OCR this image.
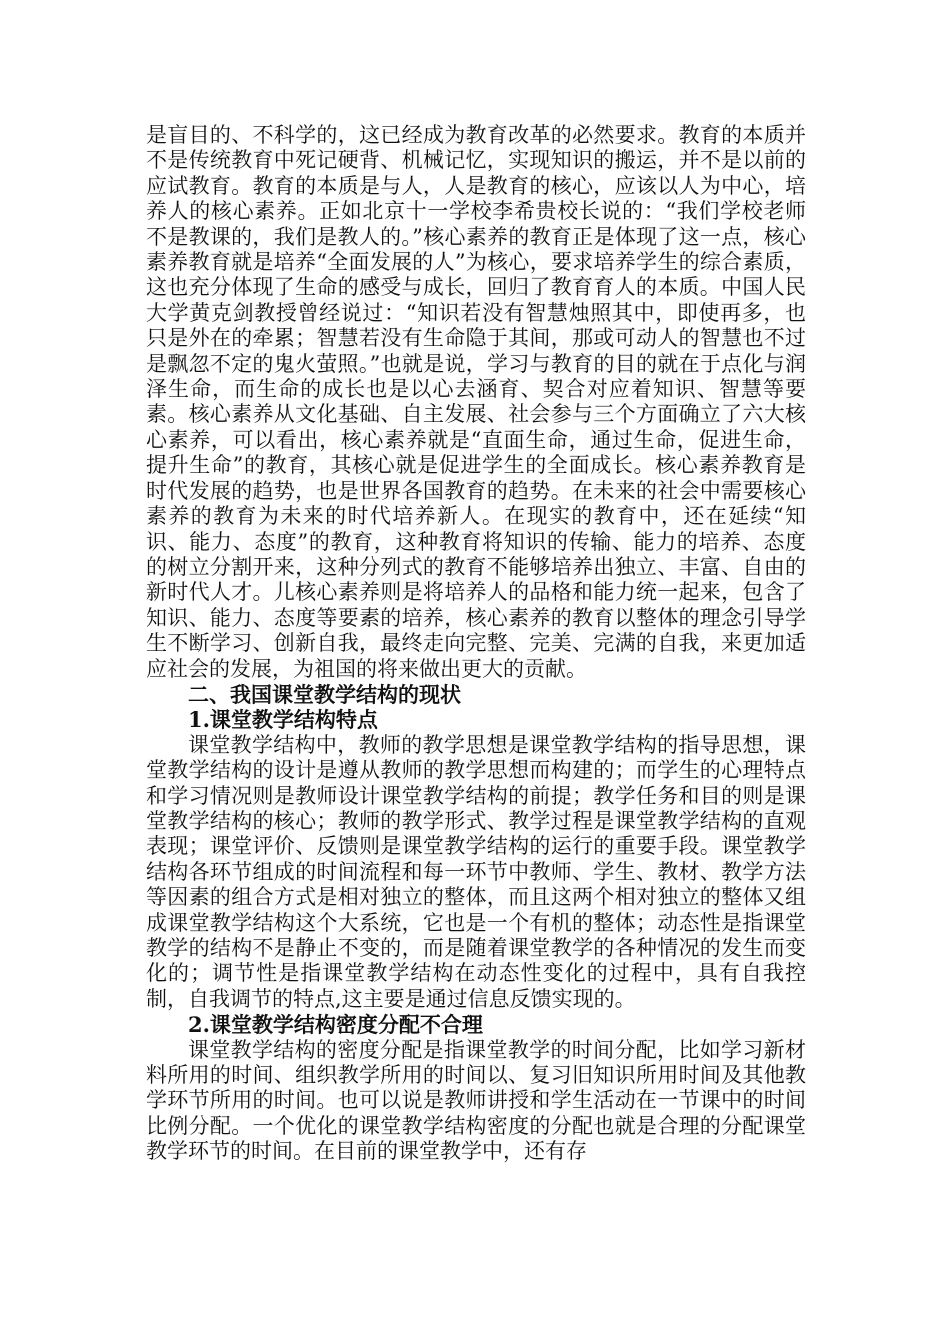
是盲目的、不科学的，这已经成为教育改革的必然要求。教育的本质并不是传统教育中死记硬背、机械记忆，实现知识的搬运，并不是以前的应试教育。教育的本质是与人，人是教育的核心，应该以人为中心，培养人的核心素养。正如北京十一学校李希贵校长说的：“我们学校老师不是教课的，我们是教人的。”核心素养的教育正是体现了这一点，核心素养教育就是培养“全面发展的人”为核心，要求培养学生的综合素质，这也充分体现了生命的感受与成长，回归了教育育人的本质。中国人民大学黄克剑教授曾经说过：“知识若没有智慧烛照其中，即使再多，也只是外在的牵累；智慧若没有生命隐于其间，那或可动人的智慧也不过是飘忽不定的鬼火萤照。”也就是说，学习与教育的目的就在于点化与润泽生命，而生命的成长也是以心去涵育、契合对应着知识、智慧等要素。核心素养从文化基础、自主发展、社会参与三个方面确立了六大核心素养，可以看出，核心素养就是“直面生命，通过生命，促进生命，提升生命”的教育，其核心就是促进学生的全面成长。核心素养教育是时代发展的趋势，也是世界各国教育的趋势。在未来的社会中需要核心素养的教育为未来的时代培养新人。在现实的教育中，还在延续“知识、能力、态度”的教育，这种教育将知识的传输、能力的培养、态度的树立分割开来，这种分列式的教育不能够培养出独立、丰富、自由的新时代人才。儿核心素养则是将培养人的品格和能力统一起来，包含了知识、能力、态度等要素的培养，核心素养的教育以整体的理念引导学生不断学习、创新自我，最终走向完整、完美、完满的自我，来更加适应社会的发展，为祖国的将来做出更大的贡献。

二、我国课堂教学结构的现状

1.课堂教学结构特点

课堂教学结构中，教师的教学思想是课堂教学结构的指导思想，课堂教学结构的设计是遵从教师的教学思想而构建的；而学生的心理特点和学习情况则是教师设计课堂教学结构的前提；教学任务和目的则是课堂教学结构的核心；教师的教学形式、教学过程是课堂教学结构的直观表现；课堂评价、反馈则是课堂教学结构的运行的重要手段。课堂教学结构各环节组成的时间流程和每一环节中教师、学生、教材、教学方法等因素的组合方式是相对独立的整体，而且这两个相对独立的整体又组成课堂教学结构这个大系统，它也是一个有机的整体；动态性是指课堂教学的结构不是静止不变的，而是随着课堂教学的各种情况的发生而变化的；调节性是指课堂教学结构在动态性变化的过程中，具有自我控制，自我调节的特点,这主要是通过信息反馈实现的。

2.课堂教学结构密度分配不合理

课堂教学结构的密度分配是指课堂教学的时间分配，比如学习新材料所用的时间、组织教学所用的时间以、复习旧知识所用时间及其他教学环节所用的时间。也可以说是教师讲授和学生活动在一节课中的时间比例分配。一个优化的课堂教学结构密度的分配也就是合理的分配课堂教学环节的时间。在目前的课堂教学中，还有存
